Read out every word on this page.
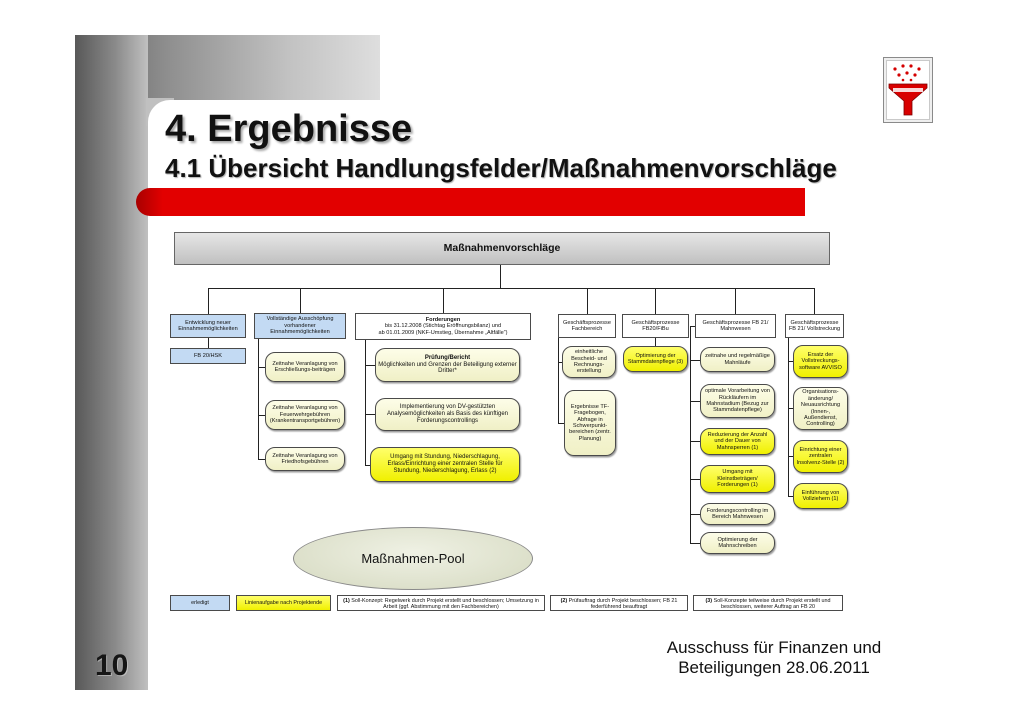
4. Ergebnisse
4.1 Übersicht Handlungsfelder/Maßnahmenvorschläge
Maßnahmenvorschläge
Entwicklung neuer Einnahmemöglichkeiten
Vollständige Ausschöpfung vorhandener Einnahmemöglichkeiten
Forderungen
bis 31.12.2008 (Stichtag Eröffnungsbilanz) und
ab 01.01.2009 (NKF-Umstieg, Übernahme „Altfälle“)
Geschäftsprozesse Fachbereich
Geschäftsprozesse FB20/FiBu
Geschäftsprozesse FB 21/ Mahnwesen
Geschäftsprozesse FB 21/ Vollstreckung
FB 20/HSK
Zeitnahe Veranlagung von Erschließungs-beiträgen
Zeitnahe Veranlagung von Feuerwehrgebühren (Krankentransportgebühren)
Zeitnahe Veranlagung von Friedhofsgebühren
Prüfung/Bericht
Möglichkeiten und Grenzen der Beteiligung externer Dritter*
Implementierung von DV-gestützten Analysemöglichkeiten als Basis des künftigen Forderungscontrollings
Umgang mit Stundung, Niederschlagung, Erlass/Einrichtung einer zentralen Stelle für Stundung, Niederschlagung, Erlass (2)
einheitliche Bescheid- und Rechnungs-erstellung
Ergebnisse TF-Fragebogen, Abfrage in Schwerpunkt-bereichen (zentr. Planung)
Optimierung der Stammdatenpflege (3)
zeitnahe und regelmäßige Mahnläufe
optimale Vorarbeitung von Rückläufern im Mahnstadium (Bezug zur Stammdatenpflege)
Reduzierung der Anzahl und der Dauer von Mahnsperren (1)
Umgang mit Kleinstbeträgen/ Forderungen (1)
Forderungscontrolling im Bereich Mahnwesen
Optimierung der Mahnschreiben
Ersatz der Vollstreckungs-software AVVISO
Organisations-änderung/ Neuausrichtung (Innen-, Außendienst, Controlling)
Einrichtung einer zentralen Insolvenz-Stelle (2)
Einführung von Vollziehern (1)
Maßnahmen-Pool
erledigt	Linienaufgabe nach Projektende	(1) Soll-Konzept: Regelwerk durch Projekt erstellt und beschlossen; Umsetzung in Arbeit (ggf. Abstimmung mit den Fachbereichen)
(2) Prüfauftrag durch Projekt beschlossen; FB 21 federführend beauftragt
(3) Soll-Konzepte teilweise durch Projekt erstellt und beschlossen, weiterer Auftrag an FB 20
10
Ausschuss für Finanzen und
Beteiligungen 28.06.2011
